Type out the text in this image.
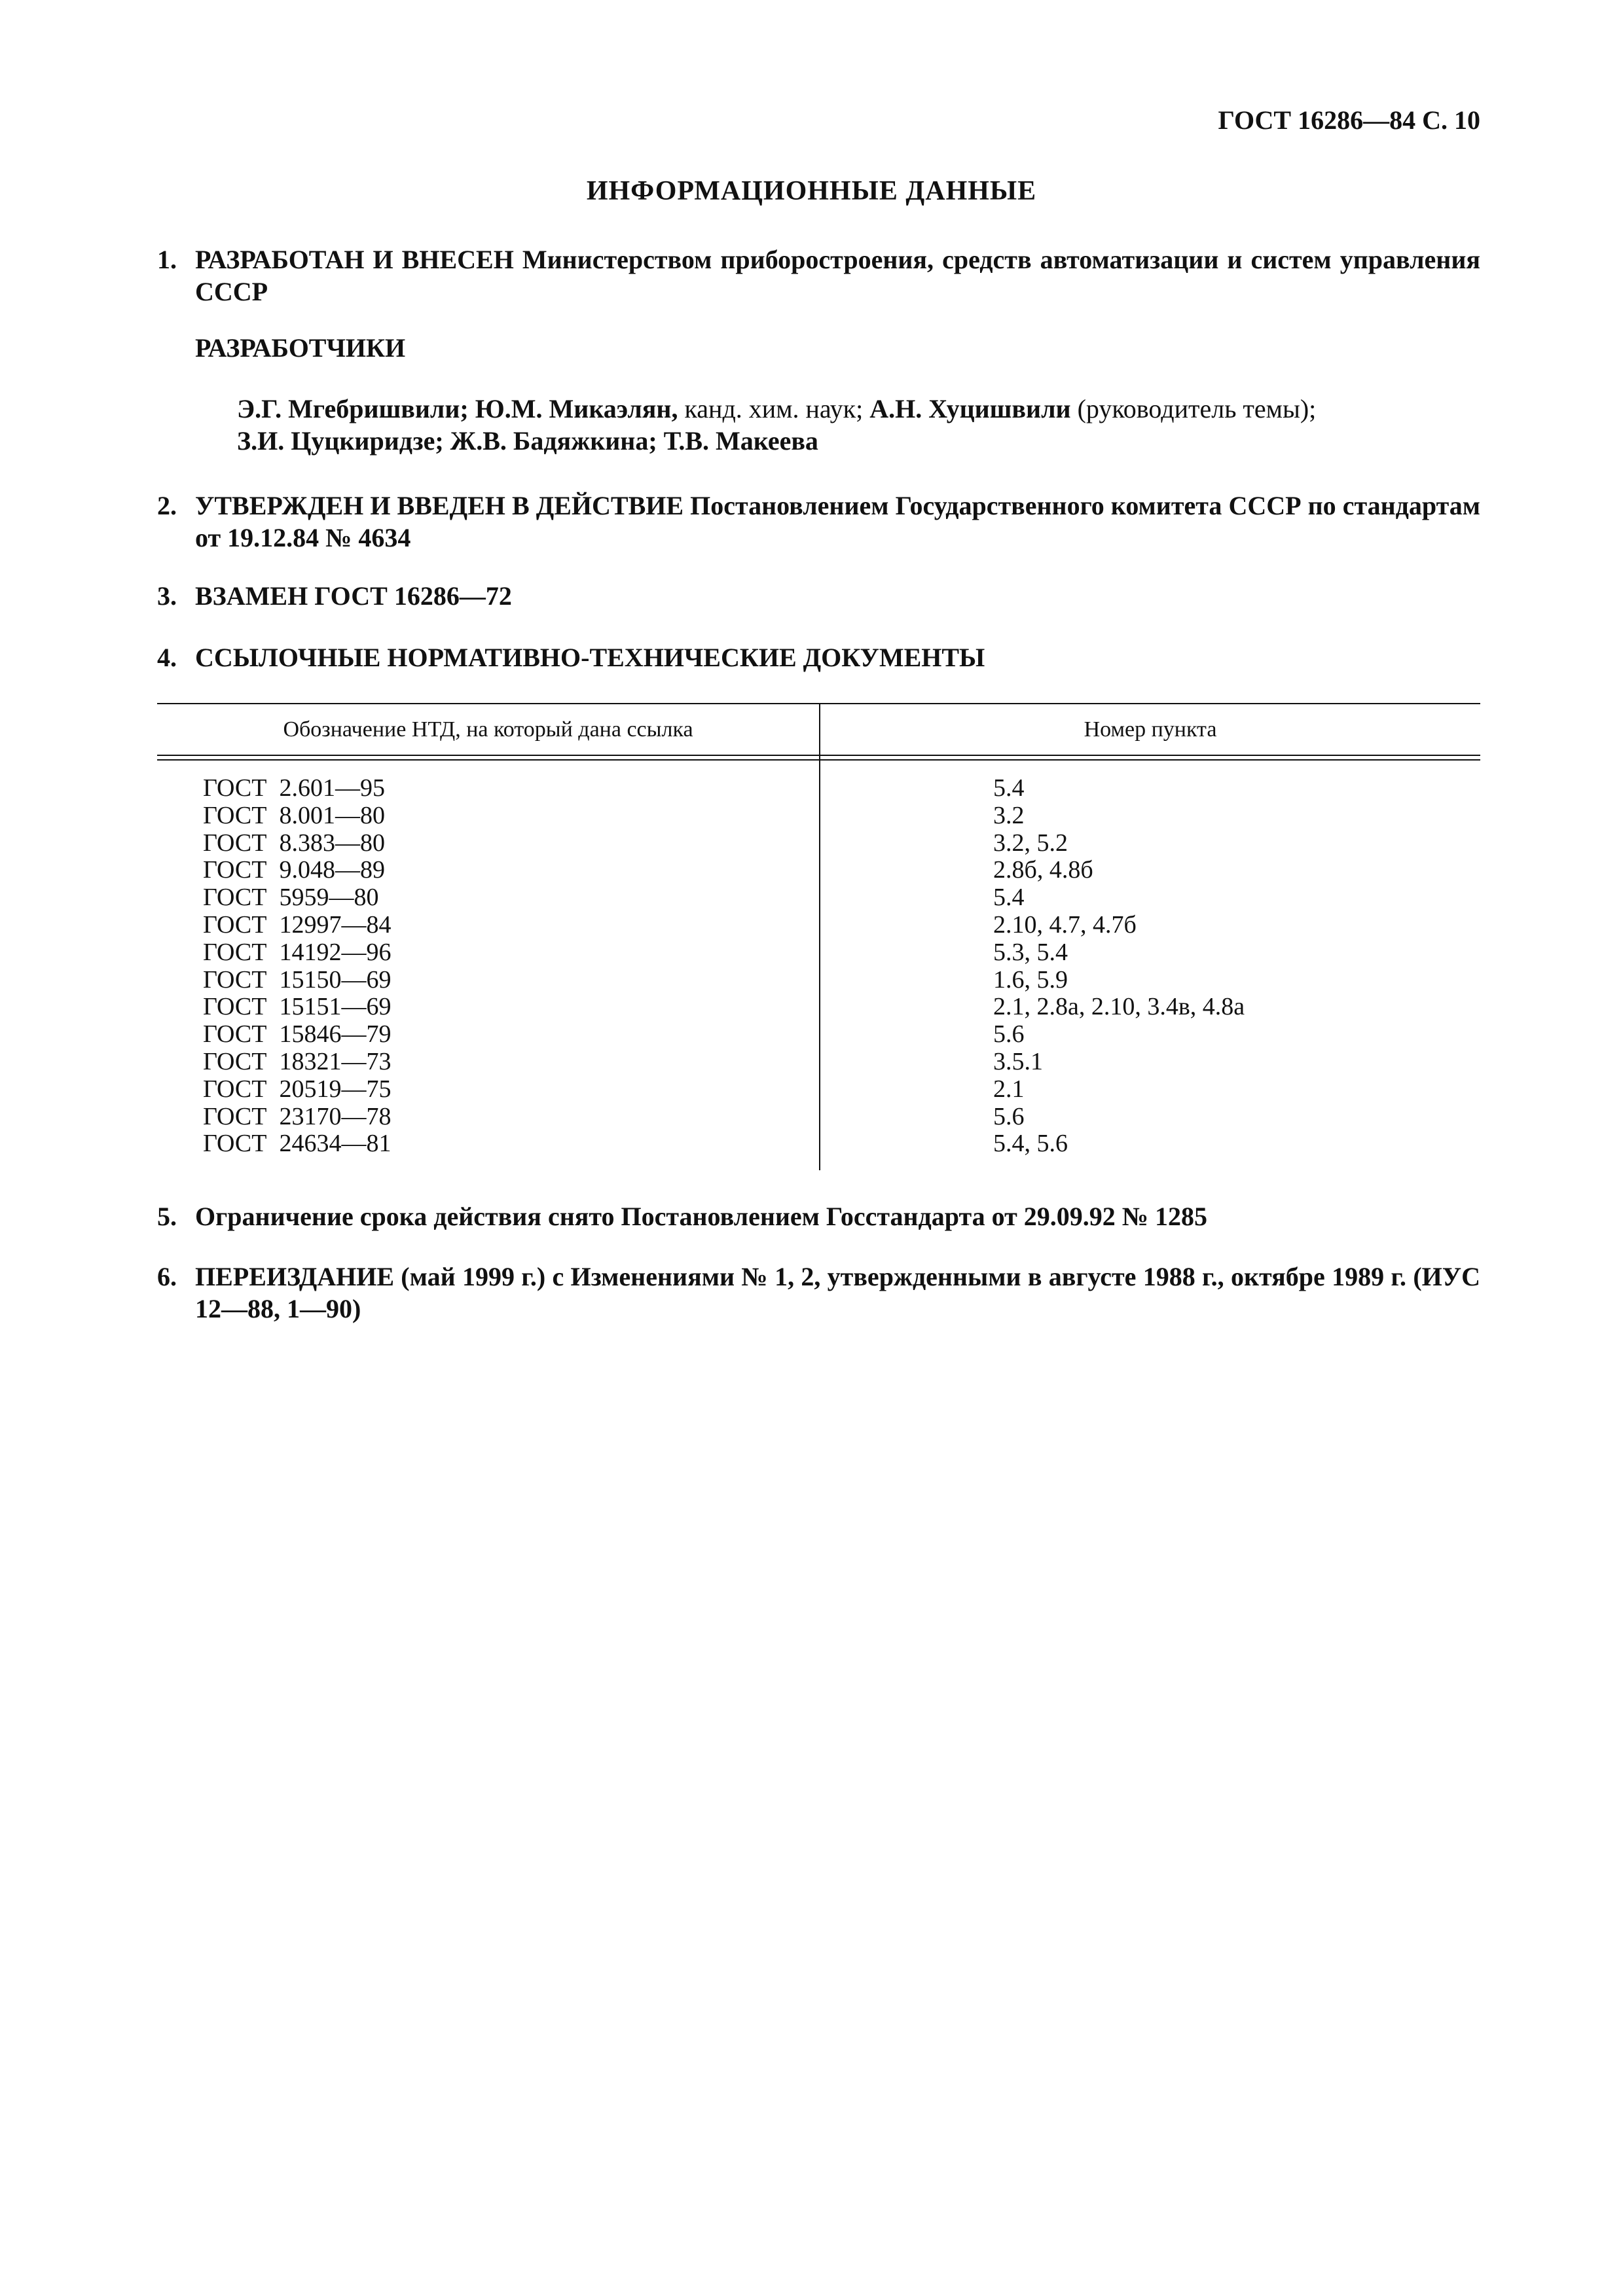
ГОСТ 16286—84 С. 10
ИНФОРМАЦИОННЫЕ ДАННЫЕ
1. РАЗРАБОТАН И ВНЕСЕН Министерством приборостроения, средств автоматизации и систем управления СССР
РАЗРАБОТЧИКИ
Э.Г. Мгебришвили; Ю.М. Микаэлян, канд. хим. наук; А.Н. Хуцишвили (руководитель темы);
З.И. Цуцкиридзе; Ж.В. Бадяжкина; Т.В. Макеева
2. УТВЕРЖДЕН И ВВЕДЕН В ДЕЙСТВИЕ Постановлением Государственного комитета СССР по стандартам от 19.12.84 № 4634
3. ВЗАМЕН ГОСТ 16286—72
4. ССЫЛОЧНЫЕ НОРМАТИВНО-ТЕХНИЧЕСКИЕ ДОКУМЕНТЫ
Обозначение НТД, на который дана ссылка	Номер пункта
ГОСТ  2.601—95	5.4
ГОСТ  8.001—80	3.2
ГОСТ  8.383—80	3.2, 5.2
ГОСТ  9.048—89	2.8б, 4.8б
ГОСТ  5959—80	5.4
ГОСТ  12997—84	2.10, 4.7, 4.7б
ГОСТ  14192—96	5.3, 5.4
ГОСТ  15150—69	1.6, 5.9
ГОСТ  15151—69	2.1, 2.8а, 2.10, 3.4в, 4.8а
ГОСТ  15846—79	5.6
ГОСТ  18321—73	3.5.1
ГОСТ  20519—75	2.1
ГОСТ  23170—78	5.6
ГОСТ  24634—81	5.4, 5.6
5. Ограничение срока действия снято Постановлением Госстандарта от 29.09.92 № 1285
6. ПЕРЕИЗДАНИЕ (май 1999 г.) с Изменениями № 1, 2, утвержденными в августе 1988 г., октябре 1989 г. (ИУС 12—88, 1—90)
